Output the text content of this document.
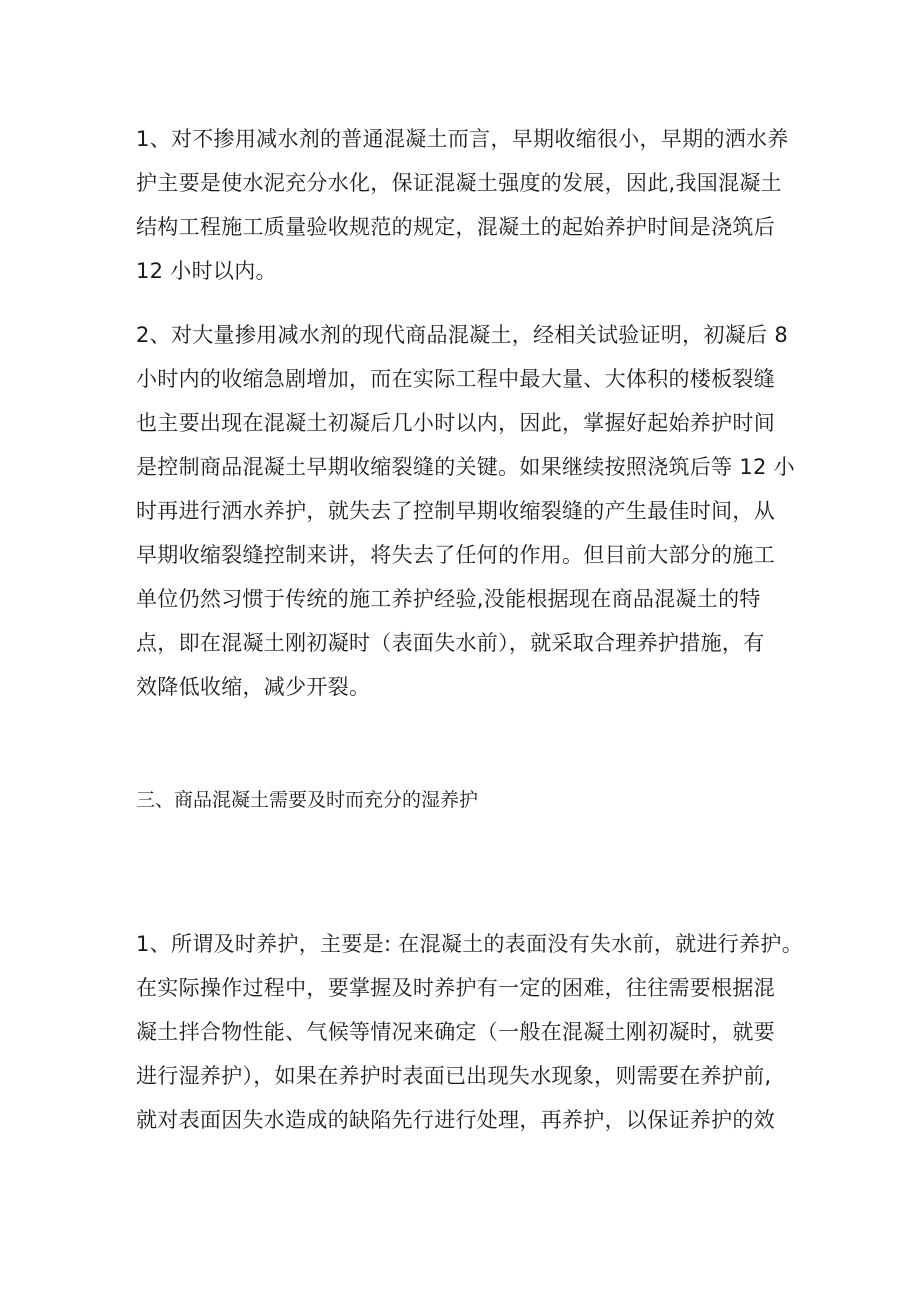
1、对不掺用减水剂的普通混凝土而言，早期收缩很小，早期的洒水养
护主要是使水泥充分水化，保证混凝土强度的发展，因此,我国混凝土
结构工程施工质量验收规范的规定，混凝土的起始养护时间是浇筑后
12 小时以内。

2、对大量掺用减水剂的现代商品混凝土，经相关试验证明，初凝后 8
小时内的收缩急剧增加，而在实际工程中最大量、大体积的楼板裂缝
也主要出现在混凝土初凝后几小时以内，因此，掌握好起始养护时间
是控制商品混凝土早期收缩裂缝的关键。如果继续按照浇筑后等 12 小
时再进行洒水养护，就失去了控制早期收缩裂缝的产生最佳时间，从
早期收缩裂缝控制来讲，将失去了任何的作用。但目前大部分的施工
单位仍然习惯于传统的施工养护经验,没能根据现在商品混凝土的特
点，即在混凝土刚初凝时（表面失水前），就采取合理养护措施，有
效降低收缩，减少开裂。

三、商品混凝土需要及时而充分的湿养护

1、所谓及时养护，主要是: 在混凝土的表面没有失水前，就进行养护。
在实际操作过程中，要掌握及时养护有一定的困难，往往需要根据混
凝土拌合物性能、气候等情况来确定（一般在混凝土刚初凝时，就要
进行湿养护），如果在养护时表面已出现失水现象，则需要在养护前,
就对表面因失水造成的缺陷先行进行处理，再养护，以保证养护的效
